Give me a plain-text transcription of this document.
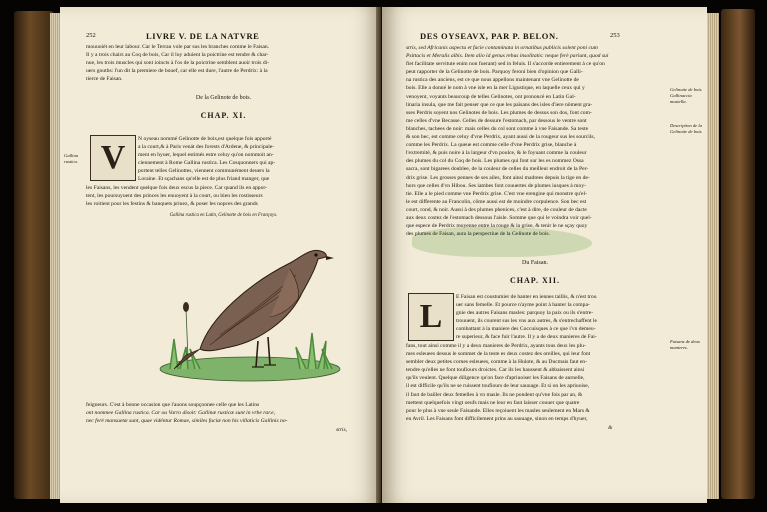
252	LIVRE V. DE LA NATVRE

mouuoiét en leur labour. Car le Terrau vole par sus les branches comme le Faisan.

Il y a trois chairs au Coq de bois, Car il luy aduient la poictrine est tendre & char-

nue, les trois muscles qui sont ioincts à l'os de la poictrine semblent auoir trois di-

uers goutbs: l'un dit la premiere de bouef, car elle est dure, l'autre de Perdrix: à la

tierce de Faisan.

De la Gelinote de bois.
CHAP. XI.
Gallina rustica. V N oyseau nommé Gelinotte de bois,est quelque fois apporté

a la court,& à Paris venát des forests d'Ardene, & principale-

ment en hyuer, lequel estimés estre celuy qu'on nommoit an-

ciennement à Rome Gallina rustica. Les Cosquonners qui ap-

portent telles Gelinottes, viennent communément deuers la

Loraine. Et sçachans qu'elle est de plus friand manger, que

les Faisans, les vendent quelque fois deux escus la piece. Car quand ils en appor-

tent, les poursuyuent des princes les enuoyent à la court, ou bien les rostisseurs

les roitient pour les festins & banquets priuez, & poser les nopces des grands

Gallina rustica en Latin, Gelinotte de bois en Françoys.

feigneurs. C'est à bonne occasion que l'auons soupçonnee celle que les Latins

ont nommee Gallina rustica. Car ou Varro disoit: Gallinæ rusticæ sunt in vrbe rar.e,

nec ferè mansuetæ sunt, quae vidéntur Romae, similes faciæ non his villaticis Gallinis no-

stris,
DES OYSEAVX, PAR P. BELON.	253

stris, sed Africanis aspectu et facie contaminata in ornatibus publicis solent poni cum

Psittacis et Merulis albis. Item alio id genus rebus insolitatis: neque ferè pariunt, quod sui

fiet facilitate servitute enim non fuerant) sed in feluis. Il s'accorde entierement à ce qu'on

peut rapporter de la Gelinotte de bois. Parquoy feroni bien d'opinion que Galli-

na rustica des anciens, est ce que nous appellons maintenant vne Gelinotte de

bois. Elle a donné le nom à vne isle en la mer Ligustique, en laquelle ceux qui y

venoyent, voyants beaucoup de telles Gelinotes, ont prononcé en Latin Gal-

linaria insula, que me fait penser que ce que les païsans des isles d'iere nôment gra-

sses Perdris soyent nos Gelinotes de bois. Les plumes de dessus son dos, font com-

me celles d'vne Becasse. Celles de dessure l'estomach, par dessous le ventre sont

blanches, tachees de noir: mais celles du col sont comme à vne Faisande. Sa teste

& son bec, est comme celuy d'vne Perdrix, ayant aussi de la rougeur sus les sourcils,

comme les Perdrix. La queue est comme celle d'vne Perdrix grise, blanche à

l'extremité, & puis noire à la largeur d'vn poulce, & le foyuant comme la couleur

des plumes du col du Coq de bois. Les plumes qui font sur les es nommez Ossa

sacra, sont bigarees doublee, de la couleur de celles du meilleur endroit de la Per-

drix grise. Les grosses pennes de ses ailes, font ainsi madrees depuis la tige en de-

hors que celles d'vn Hibou. Ses iambes font couuertes de plumes iusques à moy-

tie. Elle a le pied comme vne Perdrix grise. C'est vne erengine qui monstre qu'el-

le est differente au Francolin, côme aussi est de moindre corpulence. Son bec est

court, rond, & noir. Aussi à des plumes phenices, c'est à dire, de couleur de dacte

aux deux costez de l'estomach dessous l'aisle. Somme que qui le voindra voir quel-

que espece de Perdrix moyenne entre la rouge & la grise, & tenir le ne sçay quoy

des plumes de Faisan, aura la perspectiue de la Gelinote de bois.

Gelinotte de bois. Gallinaccia mustella.
Description de la Gelinotte de bois.
Faisans de deux manieres.
Du Faisan.
CHAP. XII.
L

E Faisan est coustumier de hanter en iennes taillis, & n'est trou

uer sans femelle. Et pource n'ayme point à hanter la compa-

gnie des autres Faisans masles: parquoy la paix ou ils s'entre-

trouuent, ils courent sus les vns aux autres, & s'entrechaffent le

combattant à la maniere des Coccuísques à ce que i'vn demeu-

re superieur, & face fuir l'autre. Il y a de deux manieres de Fai-

fans, tout ainsi comme il y a deux manieres de Perdrix, ayants tous deux les plu-

mes esleuees dessus le sommet de la teste es deux costez des oreilles, qui leur font

sembler deux petites cornes esleuees, comme à la Hulote, & au Ducmais faut en-

tendre qu'elles ne font toufiours droictes. Car ils les haussent & abbaissent ainsi

qu'ils veulent. Quelque diligence qu'on face d'apriuoiser les Faisans de aurnelle,

il est difficile qu'ils ne se ruissent toufiours de leur sauuage. Et si on les apriuoise,

il faut de bailler deux femelles à vn masle. Ils ne pondent qu'vne fois par an, &

mettent quelquefois vingt oeufs mais ne leur en faut laisser couuer que quatre

pour le plus à vne seule Faisande. Elles reçoiuent les masles seulement en Mars &

en Avril. Les Faisans font difficilement prins au sauuage, sinon en temps d'hyuer,

&
